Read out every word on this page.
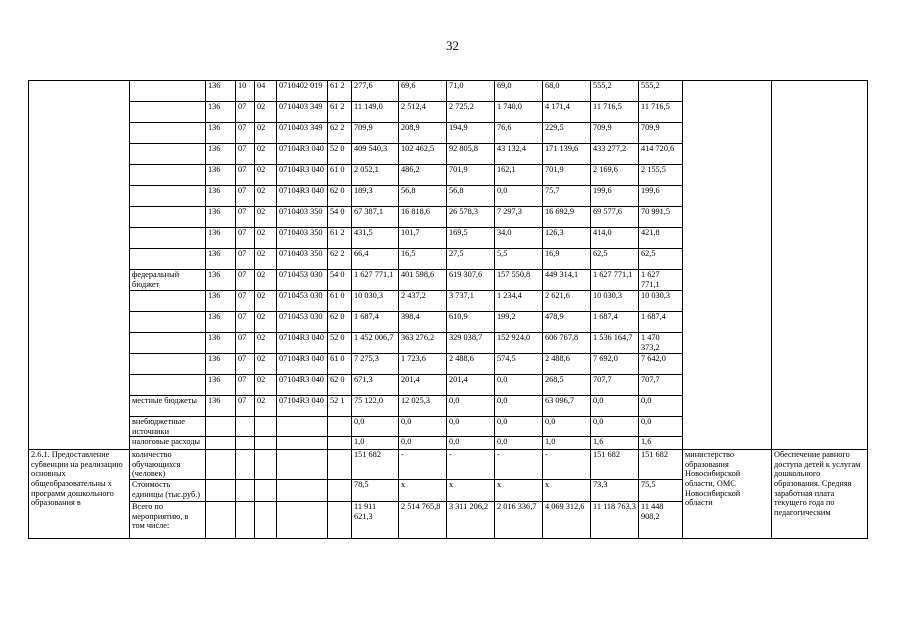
32
		136	10	04	0710402 019	61 2	277,6	69,6	71,0	69,0	68,0	555,2	555,2		
		136	07	02	0710403 349	61 2	11 149,0	2 512,4	2 725,2	1 740,0	4 171,4	11 716,5	11 716,5		
		136	07	02	0710403 349	62 2	709,9	208,9	194,9	76,6	229,5	709,9	709,9		
		136	07	02	07104R3 040	52 0	409 540,3	102 462,5	92 805,8	43 132,4	171 139,6	433 277,2	414 720,6		
		136	07	02	07104R3 040	61 0	2 052,1	486,2	701,9	162,1	701,9	2 169,6	2 155,5		
		136	07	02	07104R3 040	62 0	189,3	56,8	56,8	0,0	75,7	199,6	199,6		
		136	07	02	0710403 350	54 0	67 387,1	16 818,6	26 578,3	7 297,3	16 692,9	69 577,6	70 991,5		
		136	07	02	0710403 350	61 2	431,5	101,7	169,5	34,0	126,3	414,0	421,8		
		136	07	02	0710403 350	62 2	66,4	16,5	27,5	5,5	16,9	62,5	62,5		
	федеральный бюджет	136	07	02	0710453 030	54 0	1 627 771,1	401 598,6	619 307,6	157 550,8	449 314,1	1 627 771,1	1 627 771,1		
		136	07	02	0710453 030	61 0	10 030,3	2 437,2	3 737,1	1 234,4	2 621,6	10 030,3	10 030,3		
		136	07	02	0710453 030	62 0	1 687,4	398,4	610,9	199,2	478,9	1 687,4	1 687,4		
		136	07	02	07104R3 040	52 0	1 452 006,7	363 276,2	329 038,7	152 924,0	606 767,8	1 536 164,7	1 470 373,2		
		136	07	02	07104R3 040	61 0	7 275,3	1 723,6	2 488,6	574,5	2 488,6	7 692,0	7 642,0		
		136	07	02	07104R3 040	62 0	671,3	201,4	201,4	0,0	268,5	707,7	707,7		
	местные бюджеты	136	07	02	07104R3 040	52 1	75 122,0	12 025,3	0,0	0,0	63 096,7	0,0	0,0		
	внебюджетные источники						0,0	0,0	0,0	0,0	0,0	0,0	0,0		
	налоговые расходы						1,0	0,0	0,0	0,0	1,0	1,6	1,6		
2.6.1. Предоставление субвенции на реализацию основных общеобразовательны х программ дошкольного образования в	количество обучающихся (человек)						151 682	-	-	-	-	151 682	151 682	министерство образования Новосибирской области, ОМС Новосибирской области	Обеспечение равного доступа детей к услугам дошкольного образования. Средняя заработная плата текущего года по педагогическим
	Стоимость единицы (тыс.руб.)						78,5	x	x	x	x	73,3	75,5		
	Всего по мероприятию, в том числе:						11 911 621,3	2 514 765,8	3 311 206,2	2 016 336,7	4 069 312,6	11 118 763,3	11 448 908,2		
